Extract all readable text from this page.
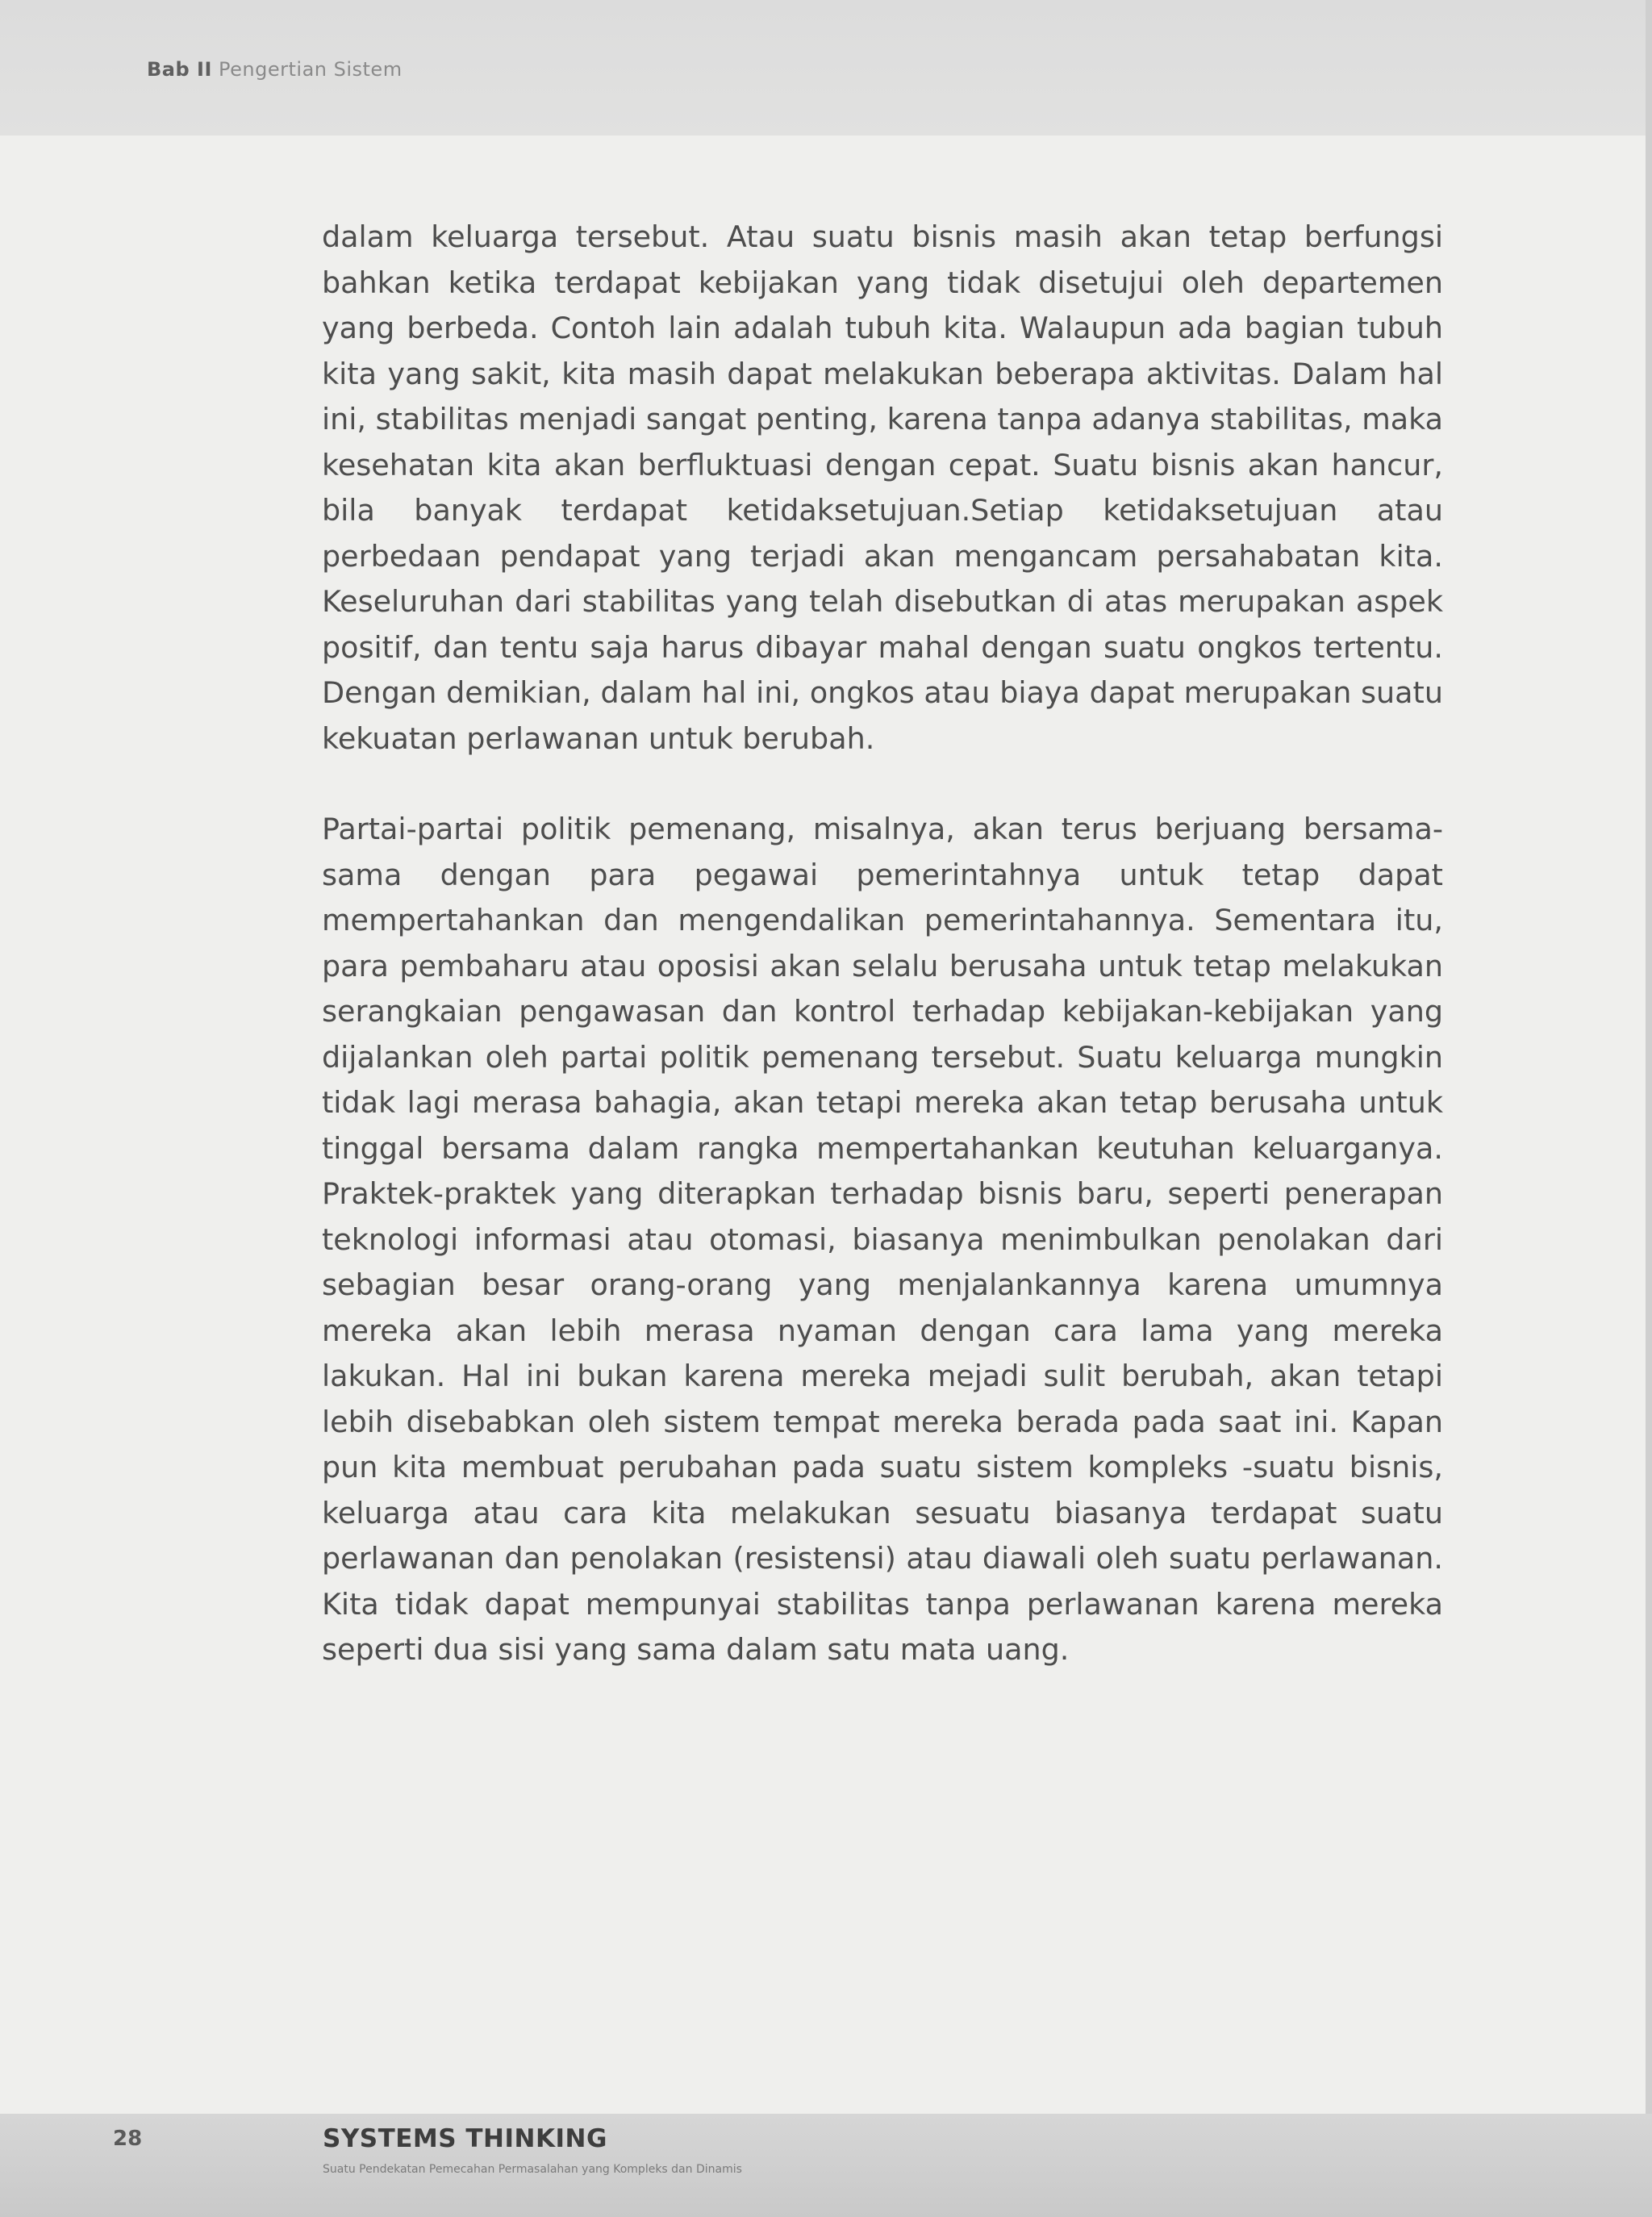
Bab II Pengertian Sistem

dalam keluarga tersebut. Atau suatu bisnis masih akan tetap berfungsi bahkan ketika terdapat kebijakan yang tidak disetujui oleh departemen yang berbeda. Contoh lain adalah tubuh kita. Walaupun ada bagian tubuh kita yang sakit, kita masih dapat melakukan beberapa aktivitas. Dalam hal ini, stabilitas menjadi sangat penting, karena tanpa adanya stabilitas, maka kesehatan kita akan berfluktuasi dengan cepat. Suatu bisnis akan hancur, bila banyak terdapat ketidaksetujuan.Setiap ketidaksetujuan atau perbedaan pendapat yang terjadi akan mengancam persahabatan kita. Keseluruhan dari stabilitas yang telah disebutkan di atas merupakan aspek positif, dan tentu saja harus dibayar mahal dengan suatu ongkos tertentu. Dengan demikian, dalam hal ini, ongkos atau biaya dapat merupakan suatu kekuatan perlawanan untuk berubah.

Partai-partai politik pemenang, misalnya, akan terus berjuang bersama-sama dengan para pegawai pemerintahnya untuk tetap dapat mempertahankan dan mengendalikan pemerintahannya. Sementara itu, para pembaharu atau oposisi akan selalu berusaha untuk tetap melakukan serangkaian pengawasan dan kontrol terhadap kebijakan-kebijakan yang dijalankan oleh partai politik pemenang tersebut. Suatu keluarga mungkin tidak lagi merasa bahagia, akan tetapi mereka akan tetap berusaha untuk tinggal bersama dalam rangka mempertahankan keutuhan keluarganya. Praktek-praktek yang diterapkan terhadap bisnis baru, seperti penerapan teknologi informasi atau otomasi, biasanya menimbulkan penolakan dari sebagian besar orang-orang yang menjalankannya karena umumnya mereka akan lebih merasa nyaman dengan cara lama yang mereka lakukan. Hal ini bukan karena mereka mejadi sulit berubah, akan tetapi lebih disebabkan oleh sistem tempat mereka berada pada saat ini. Kapan pun kita membuat perubahan pada suatu sistem kompleks -suatu bisnis, keluarga atau cara kita melakukan sesuatu biasanya terdapat suatu perlawanan dan penolakan (resistensi) atau diawali oleh suatu perlawanan. Kita tidak dapat mempunyai stabilitas tanpa perlawanan karena mereka seperti dua sisi yang sama dalam satu mata uang.

28	SYSTEMS THINKING
Suatu Pendekatan Pemecahan Permasalahan yang Kompleks dan Dinamis
